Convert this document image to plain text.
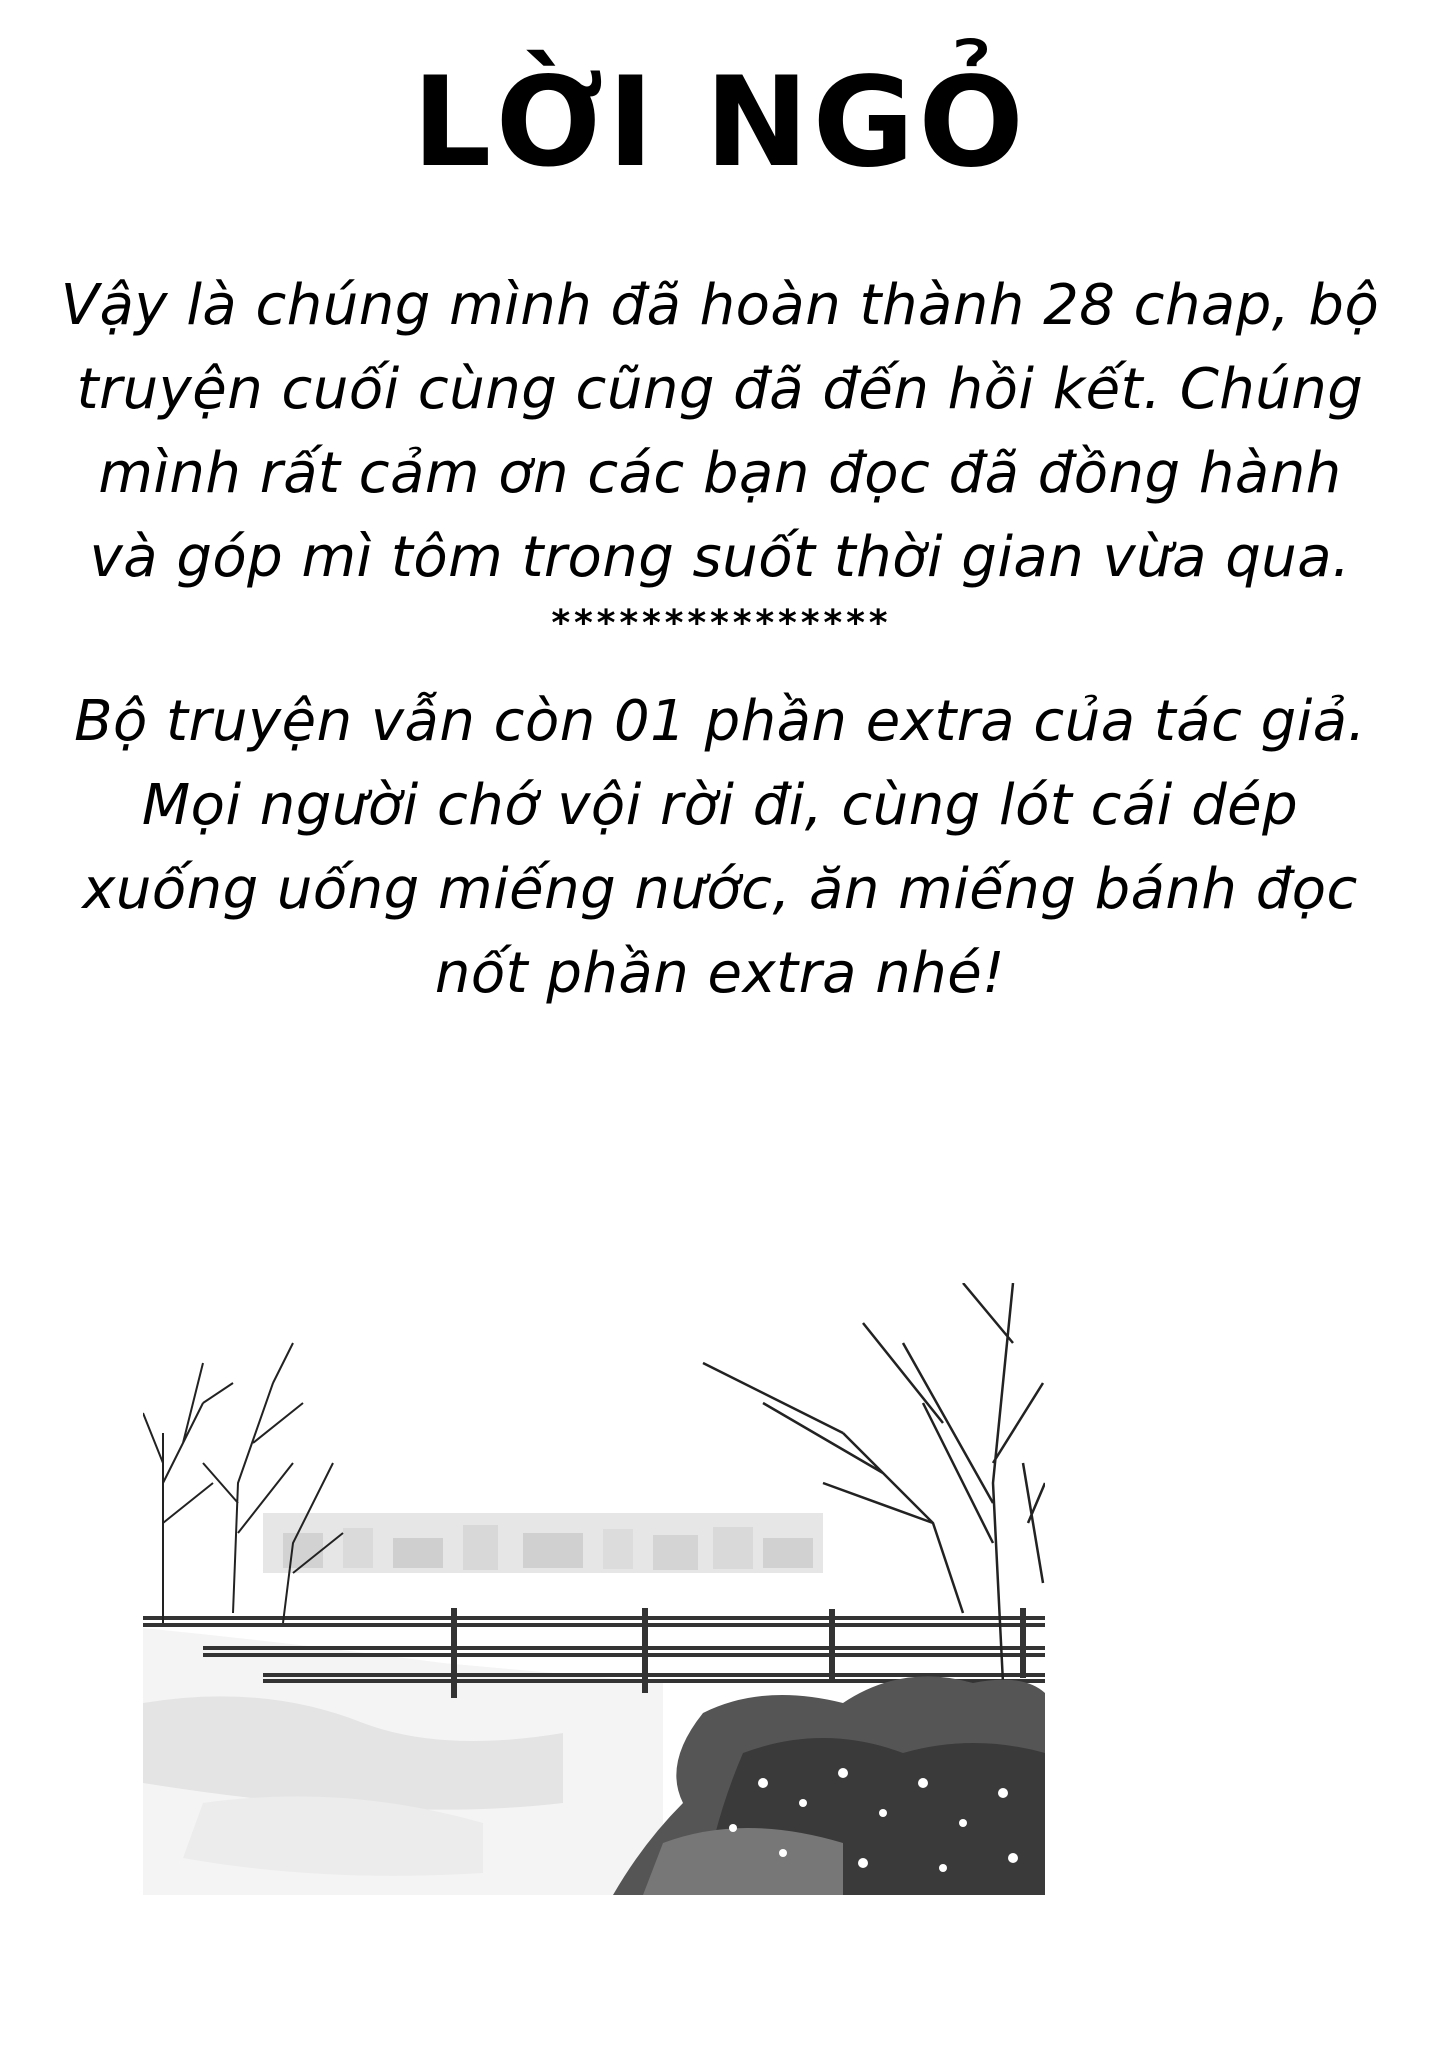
LỜI NGỎ

Vậy là chúng mình đã hoàn thành 28 chap, bộ truyện cuối cùng cũng đã đến hồi kết. Chúng mình rất cảm ơn các bạn đọc đã đồng hành và góp mì tôm trong suốt thời gian vừa qua.

***************

Bộ truyện vẫn còn 01 phần extra của tác giả. Mọi người chớ vội rời đi, cùng lót cái dép xuống uống miếng nước, ăn miếng bánh đọc nốt phần extra nhé!
